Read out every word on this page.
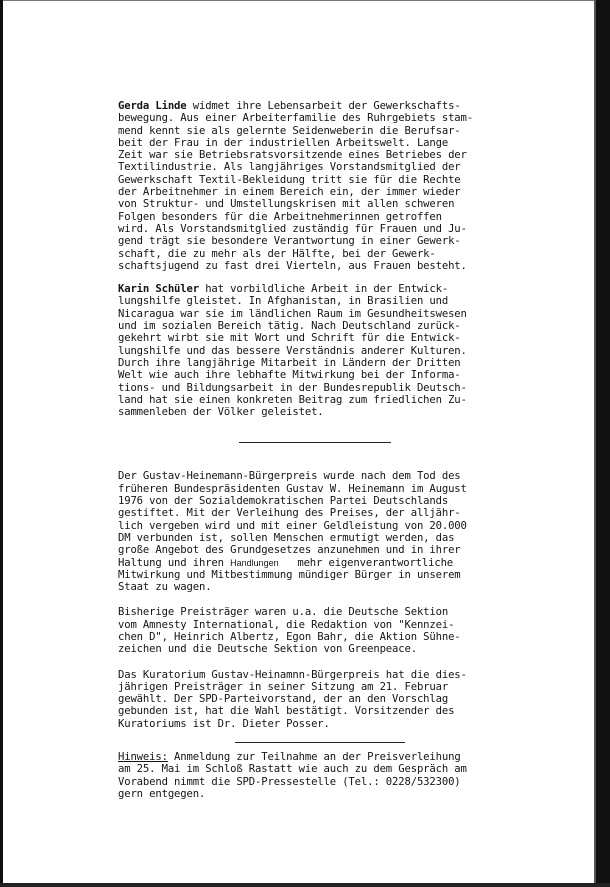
Gerda Linde widmet ihre Lebensarbeit der Gewerkschafts-
bewegung. Aus einer Arbeiterfamilie des Ruhrgebiets stam-
mend kennt sie als gelernte Seidenweberin die Berufsar-
beit der Frau in der industriellen Arbeitswelt. Lange
Zeit war sie Betriebsratsvorsitzende eines Betriebes der
Textilindustrie. Als langjähriges Vorstandsmitglied der
Gewerkschaft Textil-Bekleidung tritt sie für die Rechte
der Arbeitnehmer in einem Bereich ein, der immer wieder
von Struktur- und Umstellungskrisen mit allen schweren
Folgen besonders für die Arbeitnehmerinnen getroffen
wird. Als Vorstandsmitglied zuständig für Frauen und Ju-
gend trägt sie besondere Verantwortung in einer Gewerk-
schaft, die zu mehr als der Hälfte, bei der Gewerk-
schaftsjugend zu fast drei Vierteln, aus Frauen besteht.

Karin Schüler hat vorbildliche Arbeit in der Entwick-
lungshilfe gleistet. In Afghanistan, in Brasilien und
Nicaragua war sie im ländlichen Raum im Gesundheitswesen
und im sozialen Bereich tätig. Nach Deutschland zurück-
gekehrt wirbt sie mit Wort und Schrift für die Entwick-
lungshilfe und das bessere Verständnis anderer Kulturen.
Durch ihre langjährige Mitarbeit in Ländern der Dritten
Welt wie auch ihre lebhafte Mitwirkung bei der Informa-
tions- und Bildungsarbeit in der Bundesrepublik Deutsch-
land hat sie einen konkreten Beitrag zum friedlichen Zu-
sammenleben der Völker geleistet.

Der Gustav-Heinemann-Bürgerpreis wurde nach dem Tod des
früheren Bundespräsidenten Gustav W. Heinemann im August
1976 von der Sozialdemokratischen Partei Deutschlands
gestiftet. Mit der Verleihung des Preises, der alljähr-
lich vergeben wird und mit einer Geldleistung von 20.000
DM verbunden ist, sollen Menschen ermutigt werden, das
große Angebot des Grundgesetzes anzunehmen und in ihrer
Haltung und ihren Handlungen   mehr eigenverantwortliche
Mitwirkung und Mitbestimmung mündiger Bürger in unserem
Staat zu wagen.

Bisherige Preisträger waren u.a. die Deutsche Sektion
vom Amnesty International, die Redaktion von "Kennzei-
chen D", Heinrich Albertz, Egon Bahr, die Aktion Sühne-
zeichen und die Deutsche Sektion von Greenpeace.

Das Kuratorium Gustav-Heinamnn-Bürgerpreis hat die dies-
jährigen Preisträger in seiner Sitzung am 21. Februar
gewählt. Der SPD-Parteivorstand, der an den Vorschlag
gebunden ist, hat die Wahl bestätigt. Vorsitzender des
Kuratoriums ist Dr. Dieter Posser.

Hinweis: Anmeldung zur Teilnahme an der Preisverleihung
am 25. Mai im Schloß Rastatt wie auch zu dem Gespräch am
Vorabend nimmt die SPD-Pressestelle (Tel.: 0228/532300)
gern entgegen.
